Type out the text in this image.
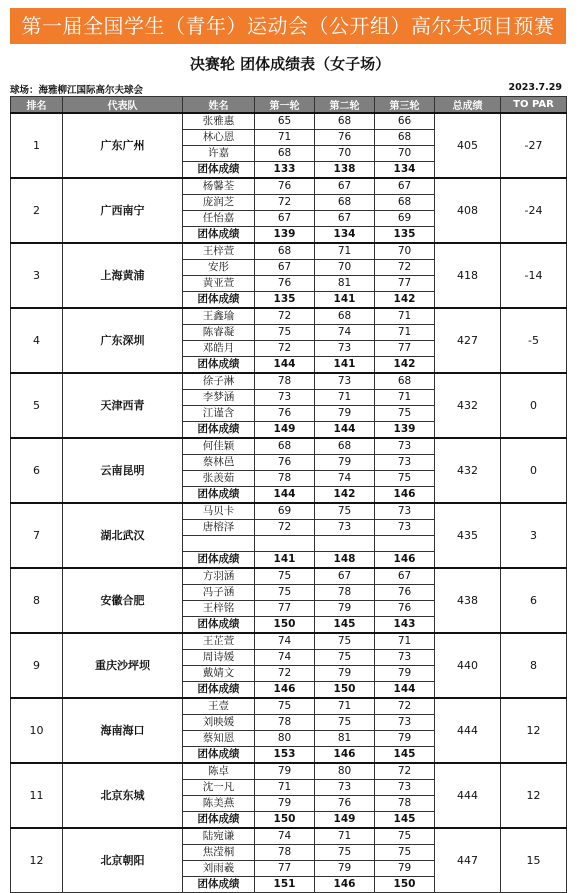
第一届全国学生（青年）运动会（公开组）高尔夫项目预赛
决赛轮 团体成绩表（女子场）
球场：海雅柳江国际高尔夫球会	2023.7.29
排名	代表队	姓名	第一轮	第二轮	第三轮	总成绩	TO PAR
1	广东广州	张雅惠	65	68	66	405	-27
		林心恩	71	76	68		
		许嘉	68	70	70		
		团体成绩	133	138	134		
2	广西南宁	杨馨荃	76	67	67	408	-24
		庞润芝	72	68	68		
		任怡嘉	67	67	69		
		团体成绩	139	134	135		
3	上海黄浦	王梓萱	68	71	70	418	-14
		安彤	67	70	72		
		黄亚萱	76	81	77		
		团体成绩	135	141	142		
4	广东深圳	王鑫瑜	72	68	71	427	-5
		陈睿凝	75	74	71		
		邓皓月	72	73	77		
		团体成绩	144	141	142		
5	天津西青	徐子淋	78	73	68	432	0
		李梦涵	73	71	71		
		江谨含	76	79	75		
		团体成绩	149	144	139		
6	云南昆明	何佳颖	68	68	73	432	0
		蔡林邑	76	79	73		
		张羡茹	78	74	75		
		团体成绩	144	142	146		
7	湖北武汉	马贝卡	69	75	73	435	3
		唐榕泽	72	73	73		

		团体成绩	141	148	146		
8	安徽合肥	方羽涵	75	67	67	438	6
		冯子涵	75	78	76		
		王梓铭	77	79	76		
		团体成绩	150	145	143		
9	重庆沙坪坝	王芷萱	74	75	71	440	8
		周诗媛	74	75	73		
		戴婧文	72	79	79		
		团体成绩	146	150	144		
10	海南海口	王壹	75	71	72	444	12
		刘映媛	78	75	73		
		蔡知恩	80	81	79		
		团体成绩	153	146	145		
11	北京东城	陈卓	79	80	72	444	12
		沈一凡	71	73	73		
		陈美燕	79	76	78		
		团体成绩	150	149	145		
12	北京朝阳	陆宛谦	74	71	75	447	15
		焦滢桐	78	75	75		
		刘雨羲	77	79	79		
		团体成绩	151	146	150		
